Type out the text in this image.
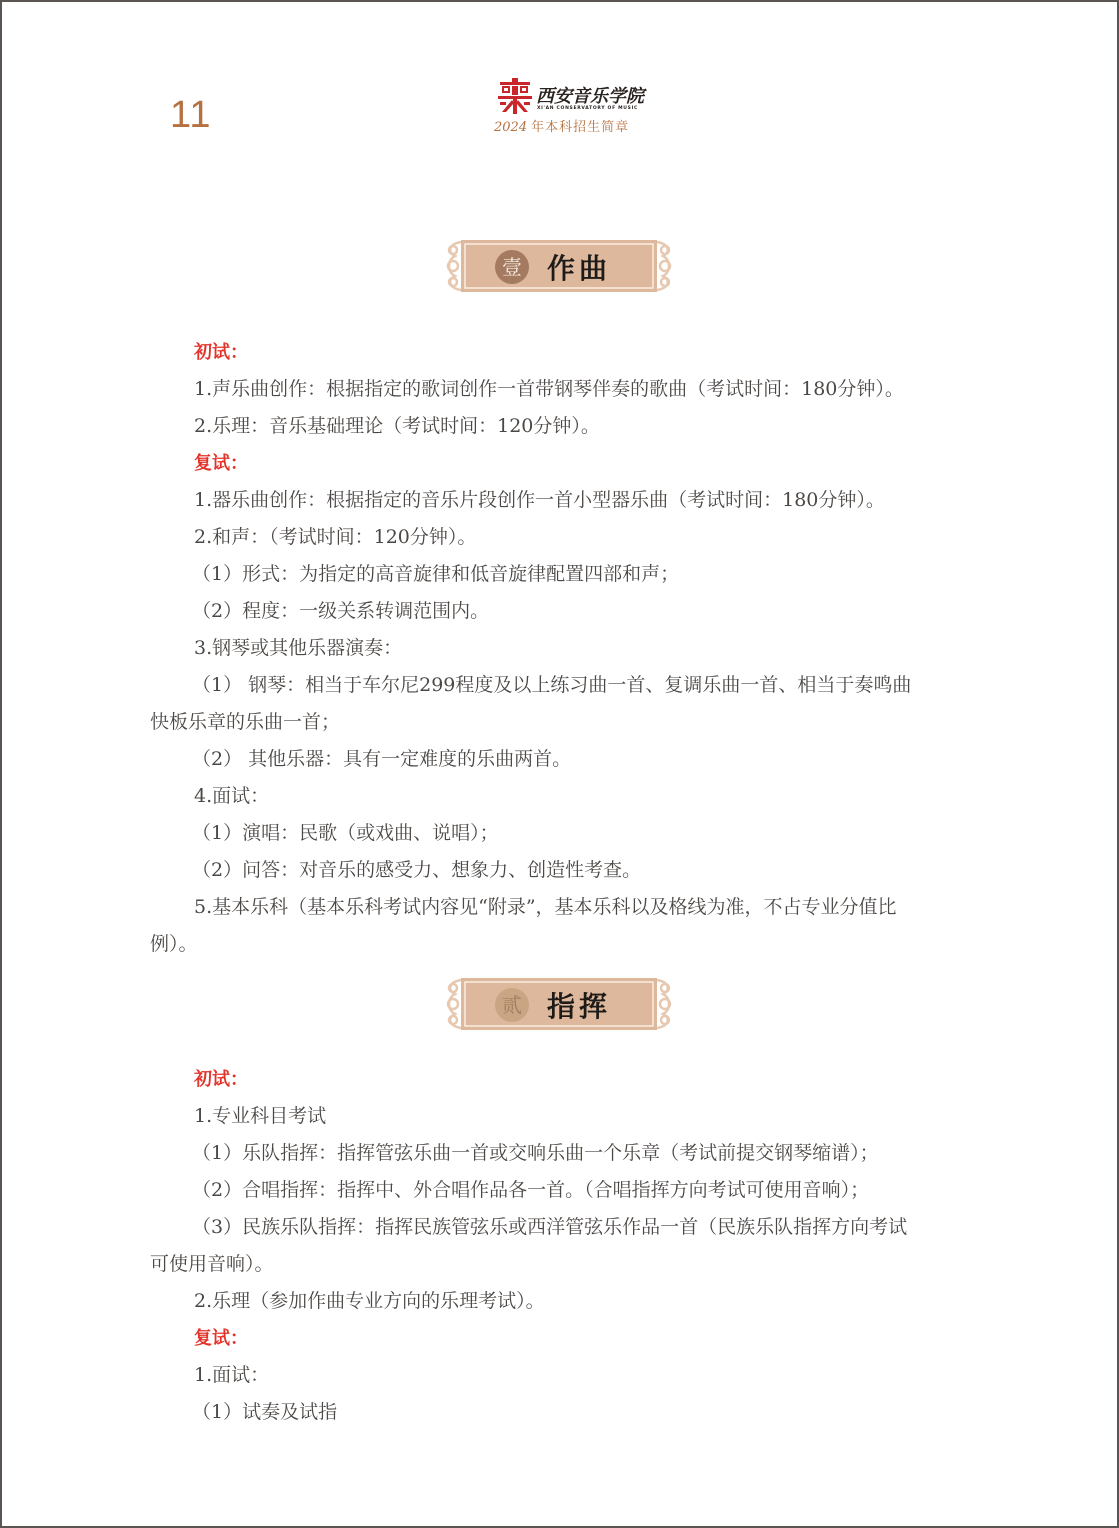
11	西安音乐学院
XI'AN CONSERVATORY OF MUSIC
2024 年本科招生简章
壹 作曲
初试：
1.声乐曲创作：根据指定的歌词创作一首带钢琴伴奏的歌曲（考试时间：180分钟）。
2.乐理：音乐基础理论（考试时间：120分钟）。
复试：
1.器乐曲创作：根据指定的音乐片段创作一首小型器乐曲（考试时间：180分钟）。
2.和声：（考试时间：120分钟）。
（1）形式：为指定的高音旋律和低音旋律配置四部和声；
（2）程度：一级关系转调范围内。
3.钢琴或其他乐器演奏：
（1） 钢琴：相当于车尔尼299程度及以上练习曲一首、复调乐曲一首、相当于奏鸣曲
快板乐章的乐曲一首；
（2） 其他乐器：具有一定难度的乐曲两首。
4.面试：
（1）演唱：民歌（或戏曲、说唱）；
（2）问答：对音乐的感受力、想象力、创造性考查。
5.基本乐科（基本乐科考试内容见“附录”，基本乐科以及格线为准，不占专业分值比
例）。
贰 指挥
初试：
1.专业科目考试
（1）乐队指挥：指挥管弦乐曲一首或交响乐曲一个乐章（考试前提交钢琴缩谱）；
（2）合唱指挥：指挥中、外合唱作品各一首。（合唱指挥方向考试可使用音响）；
（3）民族乐队指挥：指挥民族管弦乐或西洋管弦乐作品一首（民族乐队指挥方向考试
可使用音响）。
2.乐理（参加作曲专业方向的乐理考试）。
复试：
1.面试：
（1）试奏及试指
